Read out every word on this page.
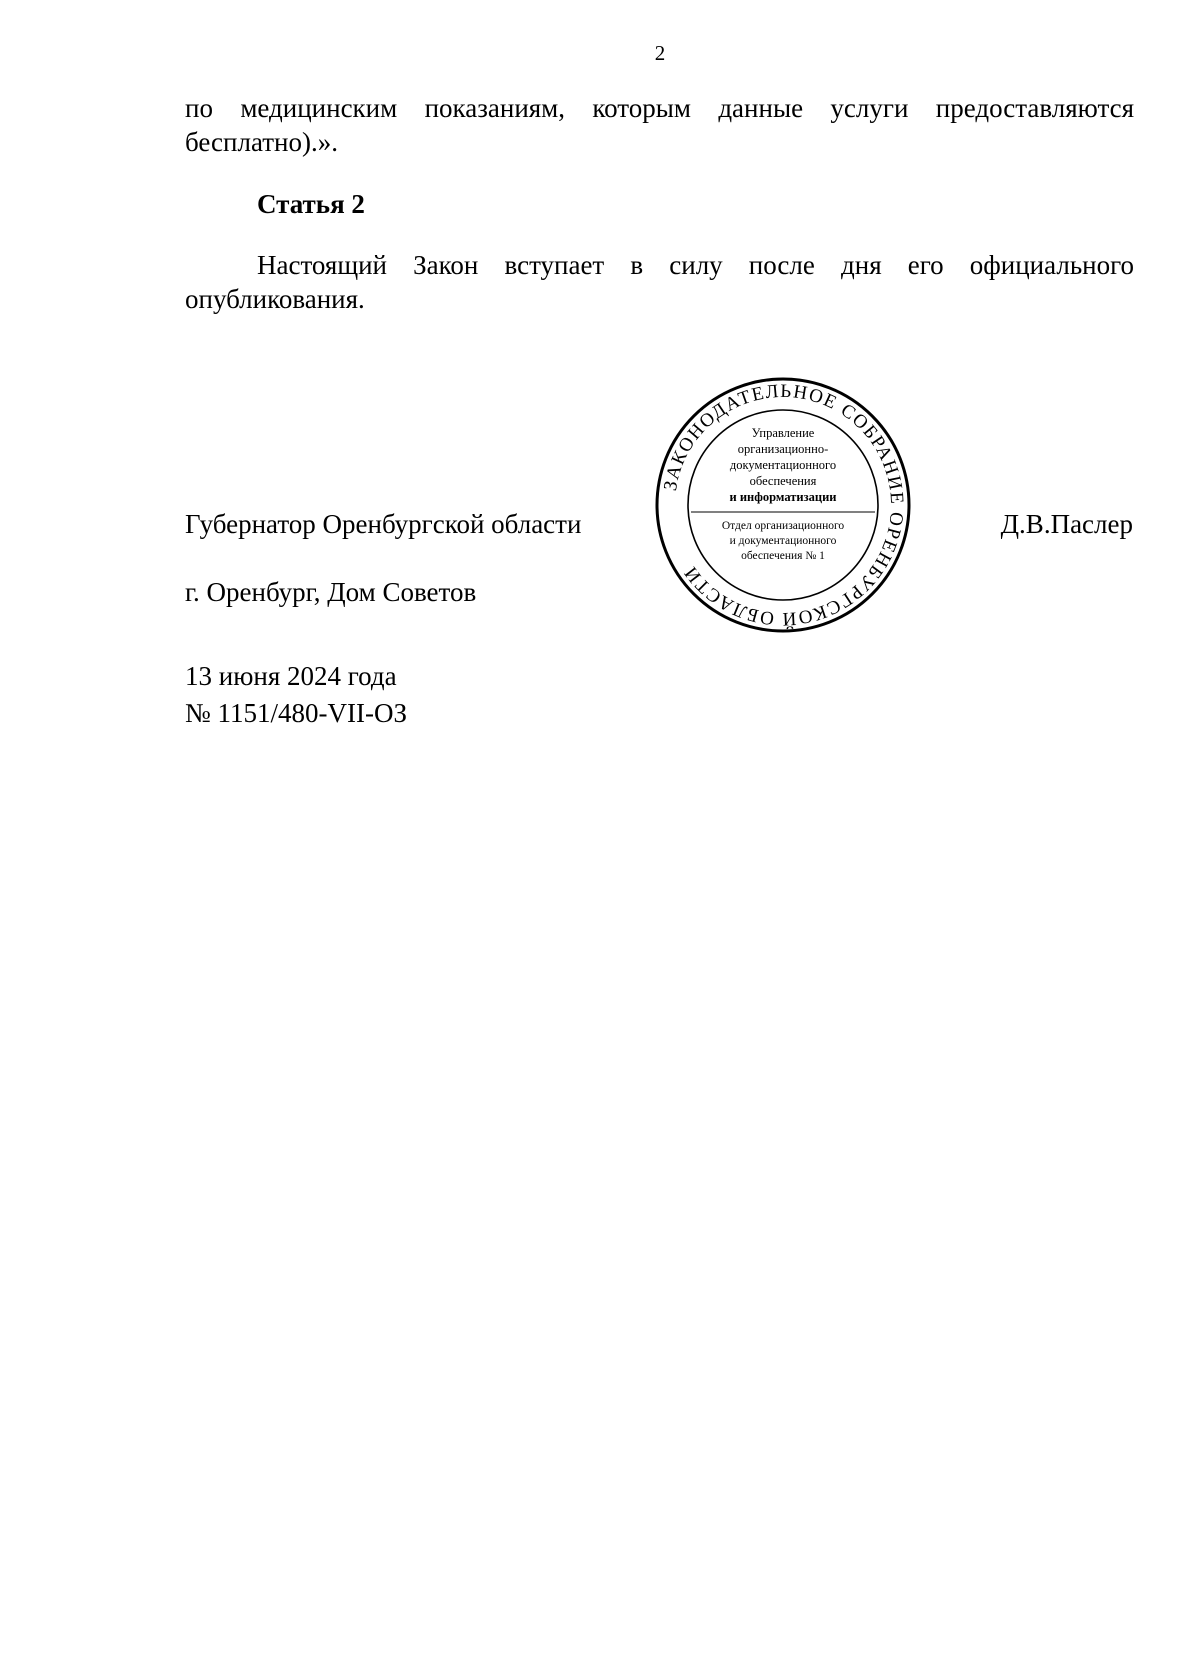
2
по медицинским показаниям, которым данные услуги предоставляются бесплатно).».
Статья 2
Настоящий Закон вступает в силу после дня его официального опубликования.
Губернатор Оренбургской области	Д.В.Паслер
г. Оренбург, Дом Советов
13 июня 2024 года
№ 1151/480-VII-ОЗ
ЗАКОНОДАТЕЛЬНОЕ СОБРАНИЕ ОРЕНБУРГСКОЙ ОБЛАСТИ
Управление
организационно-
документационного
обеспечения
и информатизации
Отдел организационного
и документационного
обеспечения № 1
